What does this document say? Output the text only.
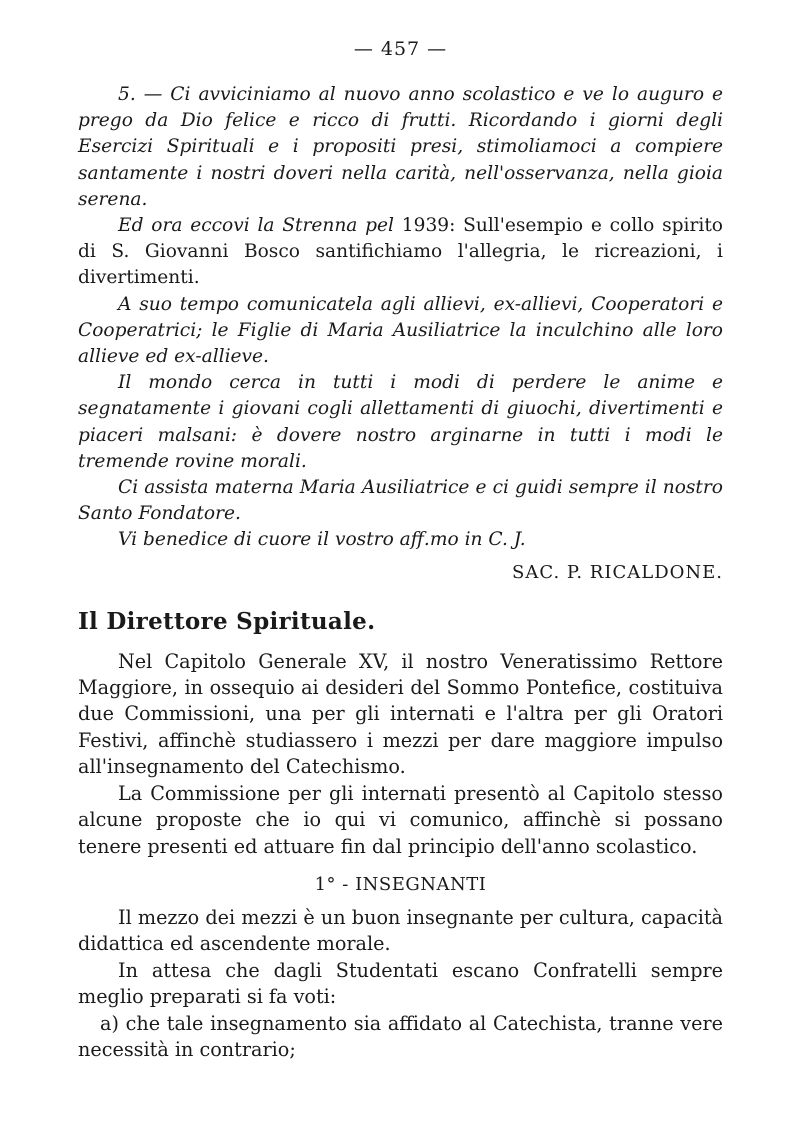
— 457 —

5. — Ci avviciniamo al nuovo anno scolastico e ve lo auguro e prego da Dio felice e ricco di frutti. Ricordando i giorni degli Esercizi Spirituali e i propositi presi, stimoliamoci a compiere santamente i nostri doveri nella carità, nell'osservanza, nella gioia serena.

Ed ora eccovi la Strenna pel 1939: Sull'esempio e collo spirito di S. Giovanni Bosco santifichiamo l'allegria, le ricreazioni, i divertimenti.

A suo tempo comunicatela agli allievi, ex-allievi, Cooperatori e Cooperatrici; le Figlie di Maria Ausiliatrice la inculchino alle loro allieve ed ex-allieve.

Il mondo cerca in tutti i modi di perdere le anime e segnatamente i giovani cogli allettamenti di giuochi, divertimenti e piaceri malsani: è dovere nostro arginarne in tutti i modi le tremende rovine morali.

Ci assista materna Maria Ausiliatrice e ci guidi sempre il nostro Santo Fondatore.

Vi benedice di cuore il vostro aff.mo in C. J.

SAC. P. RICALDONE.
Il Direttore Spirituale.

Nel Capitolo Generale XV, il nostro Veneratissimo Rettore Maggiore, in ossequio ai desideri del Sommo Pontefice, costituiva due Commissioni, una per gli internati e l'altra per gli Oratori Festivi, affinchè studiassero i mezzi per dare maggiore impulso all'insegnamento del Catechismo.

La Commissione per gli internati presentò al Capitolo stesso alcune proposte che io qui vi comunico, affinchè si possano tenere presenti ed attuare fin dal principio dell'anno scolastico.

1° - INSEGNANTI

Il mezzo dei mezzi è un buon insegnante per cultura, capacità didattica ed ascendente morale.

In attesa che dagli Studentati escano Confratelli sempre meglio preparati si fa voti:

a) che tale insegnamento sia affidato al Catechista, tranne vere necessità in contrario;
